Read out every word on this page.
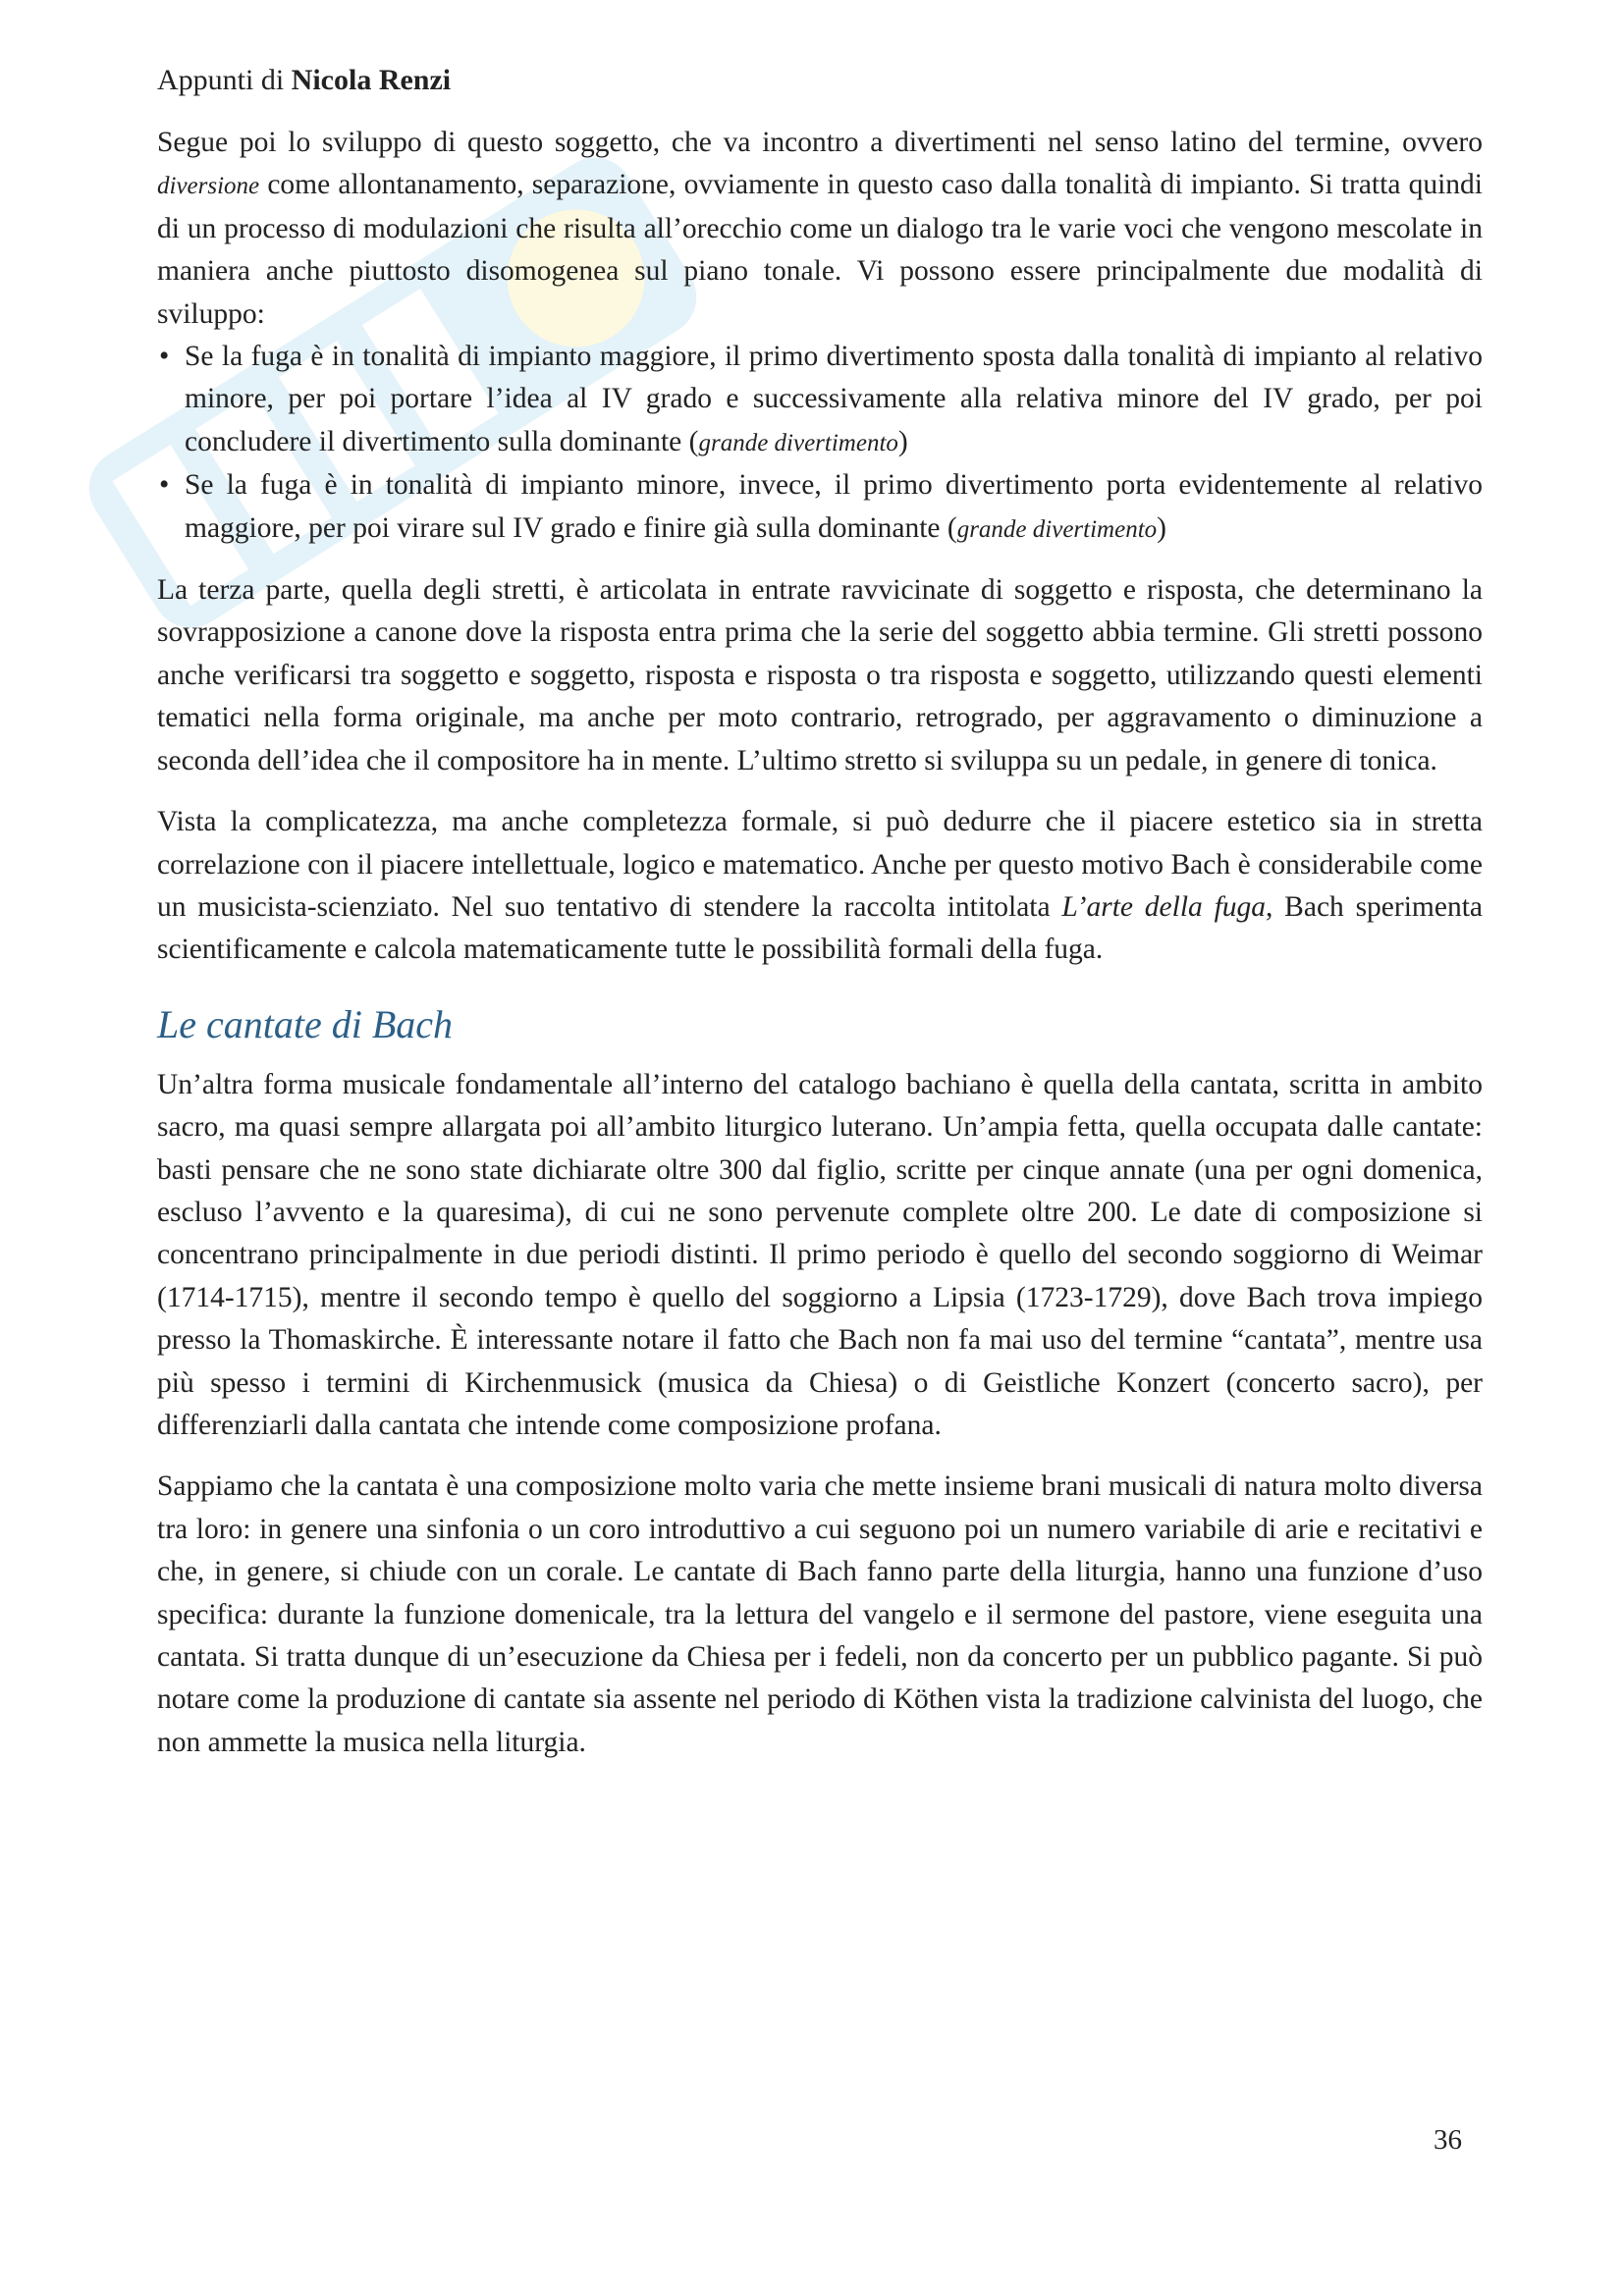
Appunti di Nicola Renzi

Segue poi lo sviluppo di questo soggetto, che va incontro a divertimenti nel senso latino del termine, ovvero diversione come allontanamento, separazione, ovviamente in questo caso dalla tonalità di impianto. Si tratta quindi di un processo di modulazioni che risulta all’orecchio come un dialogo tra le varie voci che vengono mescolate in maniera anche piuttosto disomogenea sul piano tonale. Vi possono essere principalmente due modalità di sviluppo:

• Se la fuga è in tonalità di impianto maggiore, il primo divertimento sposta dalla tonalità di impianto al relativo minore, per poi portare l’idea al IV grado e successivamente alla relativa minore del IV grado, per poi concludere il divertimento sulla dominante (grande divertimento)
• Se la fuga è in tonalità di impianto minore, invece, il primo divertimento porta evidentemente al relativo maggiore, per poi virare sul IV grado e finire già sulla dominante (grande divertimento)

La terza parte, quella degli stretti, è articolata in entrate ravvicinate di soggetto e risposta, che determinano la sovrapposizione a canone dove la risposta entra prima che la serie del soggetto abbia termine. Gli stretti possono anche verificarsi tra soggetto e soggetto, risposta e risposta o tra risposta e soggetto, utilizzando questi elementi tematici nella forma originale, ma anche per moto contrario, retrogrado, per aggravamento o diminuzione a seconda dell’idea che il compositore ha in mente. L’ultimo stretto si sviluppa su un pedale, in genere di tonica.

Vista la complicatezza, ma anche completezza formale, si può dedurre che il piacere estetico sia in stretta correlazione con il piacere intellettuale, logico e matematico. Anche per questo motivo Bach è considerabile come un musicista-scienziato. Nel suo tentativo di stendere la raccolta intitolata L’arte della fuga, Bach sperimenta scientificamente e calcola matematicamente tutte le possibilità formali della fuga.

Le cantate di Bach

Un’altra forma musicale fondamentale all’interno del catalogo bachiano è quella della cantata, scritta in ambito sacro, ma quasi sempre allargata poi all’ambito liturgico luterano. Un’ampia fetta, quella occupata dalle cantate: basti pensare che ne sono state dichiarate oltre 300 dal figlio, scritte per cinque annate (una per ogni domenica, escluso l’avvento e la quaresima), di cui ne sono pervenute complete oltre 200. Le date di composizione si concentrano principalmente in due periodi distinti. Il primo periodo è quello del secondo soggiorno di Weimar (1714-1715), mentre il secondo tempo è quello del soggiorno a Lipsia (1723-1729), dove Bach trova impiego presso la Thomaskirche. È interessante notare il fatto che Bach non fa mai uso del termine “cantata”, mentre usa più spesso i termini di Kirchenmusick (musica da Chiesa) o di Geistliche Konzert (concerto sacro), per differenziarli dalla cantata che intende come composizione profana.

Sappiamo che la cantata è una composizione molto varia che mette insieme brani musicali di natura molto diversa tra loro: in genere una sinfonia o un coro introduttivo a cui seguono poi un numero variabile di arie e recitativi e che, in genere, si chiude con un corale. Le cantate di Bach fanno parte della liturgia, hanno una funzione d’uso specifica: durante la funzione domenicale, tra la lettura del vangelo e il sermone del pastore, viene eseguita una cantata. Si tratta dunque di un’esecuzione da Chiesa per i fedeli, non da concerto per un pubblico pagante. Si può notare come la produzione di cantate sia assente nel periodo di Köthen vista la tradizione calvinista del luogo, che non ammette la musica nella liturgia.

36
